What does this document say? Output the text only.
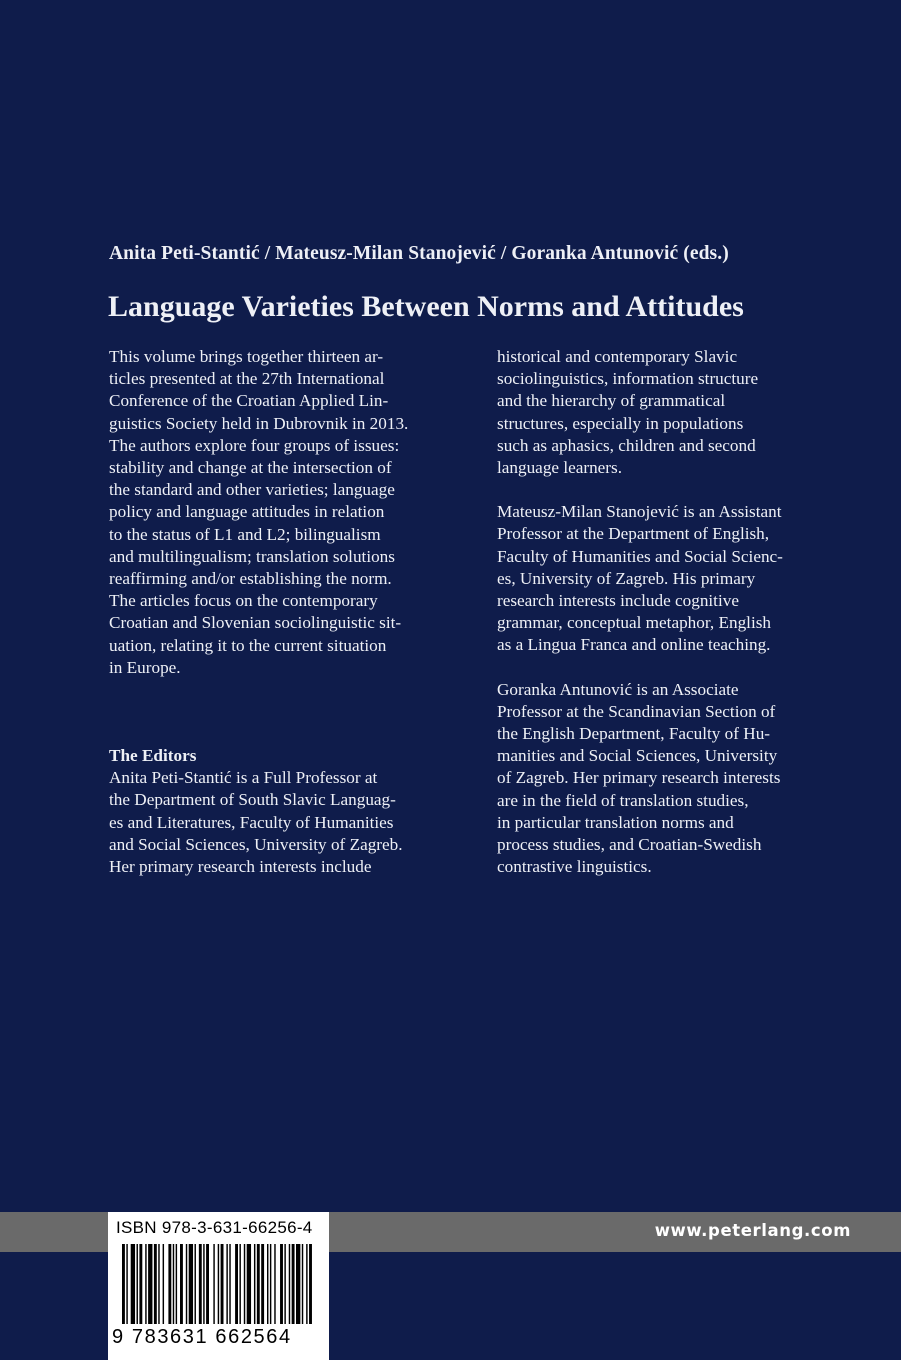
Anita Peti-Stantić / Mateusz-Milan Stanojević / Goranka Antunović (eds.)
Language Varieties Between Norms and Attitudes

This volume brings together thirteen ar-
ticles presented at the 27th International
Conference of the Croatian Applied Lin-
guistics Society held in Dubrovnik in 2013.
The authors explore four groups of issues:
stability and change at the intersection of
the standard and other varieties; language
policy and language attitudes in relation
to the status of L1 and L2; bilingualism
and multilingualism; translation solutions
reaffirming and/or establishing the norm.
The articles focus on the contemporary
Croatian and Slovenian sociolinguistic sit-
uation, relating it to the current situation
in Europe.

The Editors
Anita Peti-Stantić is a Full Professor at
the Department of South Slavic Languag-
es and Literatures, Faculty of Humanities
and Social Sciences, University of Zagreb.
Her primary research interests include

historical and contemporary Slavic
sociolinguistics, information structure
and the hierarchy of grammatical
structures, especially in populations
such as aphasics, children and second
language learners.

Mateusz-Milan Stanojević is an Assistant
Professor at the Department of English,
Faculty of Humanities and Social Scienc-
es, University of Zagreb. His primary
research interests include cognitive
grammar, conceptual metaphor, English
as a Lingua Franca and online teaching.

Goranka Antunović is an Associate
Professor at the Scandinavian Section of
the English Department, Faculty of Hu-
manities and Social Sciences, University
of Zagreb. Her primary research interests
are in the field of translation studies,
in particular translation norms and
process studies, and Croatian-Swedish
contrastive linguistics.

www.peterlang.com
ISBN 978-3-631-66256-4
9 783631 662564
